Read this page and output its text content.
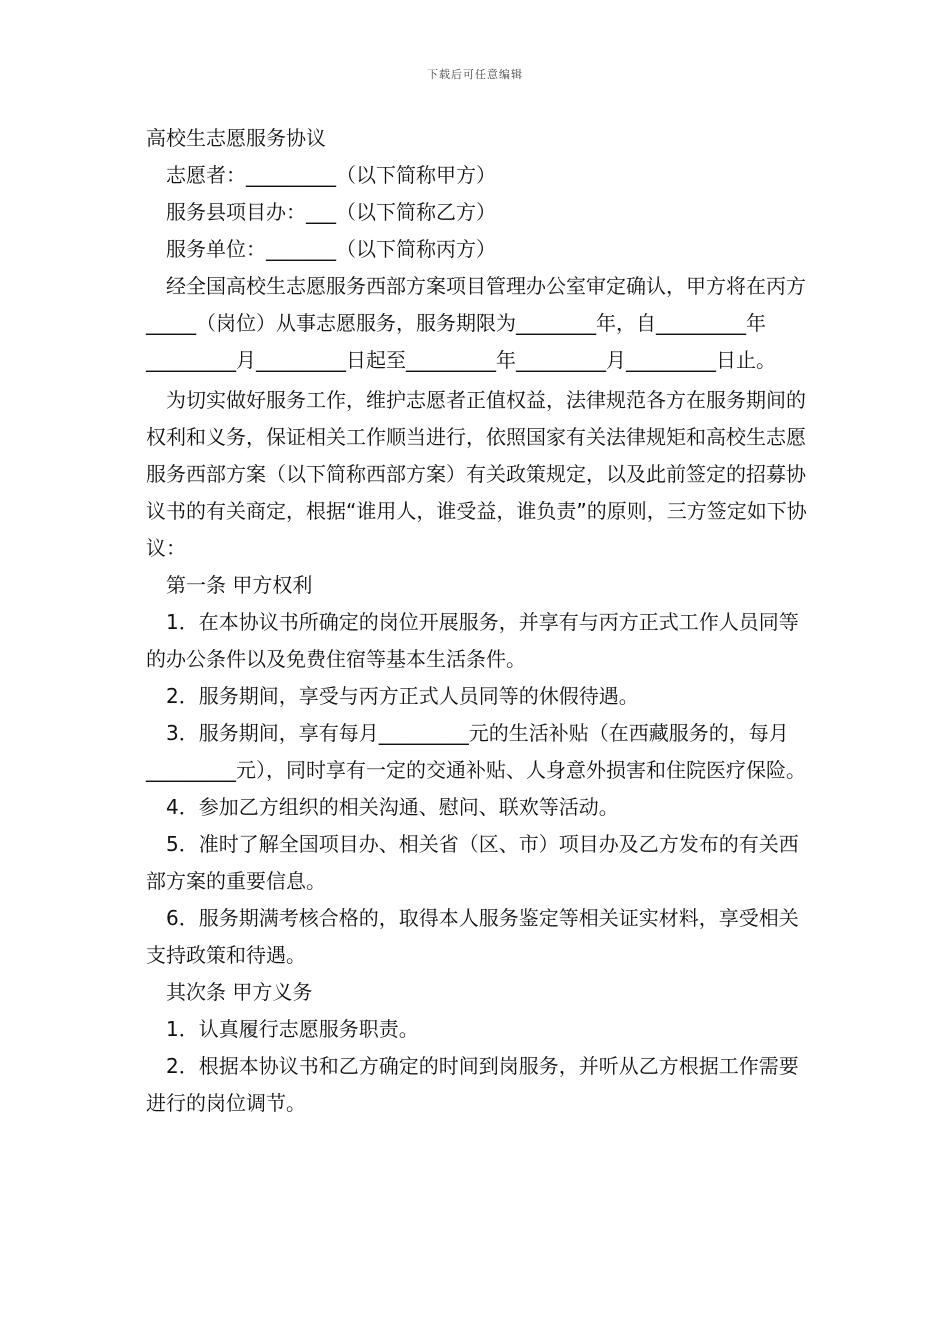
下载后可任意编辑

高校生志愿服务协议

志愿者：_________（以下简称甲方）

服务县项目办：___（以下简称乙方）

服务单位：_______（以下简称丙方）

经全国高校生志愿服务西部方案项目管理办公室审定确认，甲方将在丙方_____（岗位）从事志愿服务，服务期限为________年，自_________年_________月_________日起至_________年_________月_________日止。

为切实做好服务工作，维护志愿者正值权益，法律规范各方在服务期间的权利和义务，保证相关工作顺当进行，依照国家有关法律规矩和高校生志愿服务西部方案（以下简称西部方案）有关政策规定，以及此前签定的招募协议书的有关商定，根据“谁用人，谁受益，谁负责”的原则，三方签定如下协议：

第一条 甲方权利

1．在本协议书所确定的岗位开展服务，并享有与丙方正式工作人员同等的办公条件以及免费住宿等基本生活条件。

2．服务期间，享受与丙方正式人员同等的休假待遇。

3．服务期间，享有每月_________元的生活补贴（在西藏服务的，每月_________元），同时享有一定的交通补贴、人身意外损害和住院医疗保险。

4．参加乙方组织的相关沟通、慰问、联欢等活动。

5．准时了解全国项目办、相关省（区、市）项目办及乙方发布的有关西部方案的重要信息。

6．服务期满考核合格的，取得本人服务鉴定等相关证实材料，享受相关支持政策和待遇。

其次条 甲方义务

1．认真履行志愿服务职责。

2．根据本协议书和乙方确定的时间到岗服务，并听从乙方根据工作需要进行的岗位调节。
